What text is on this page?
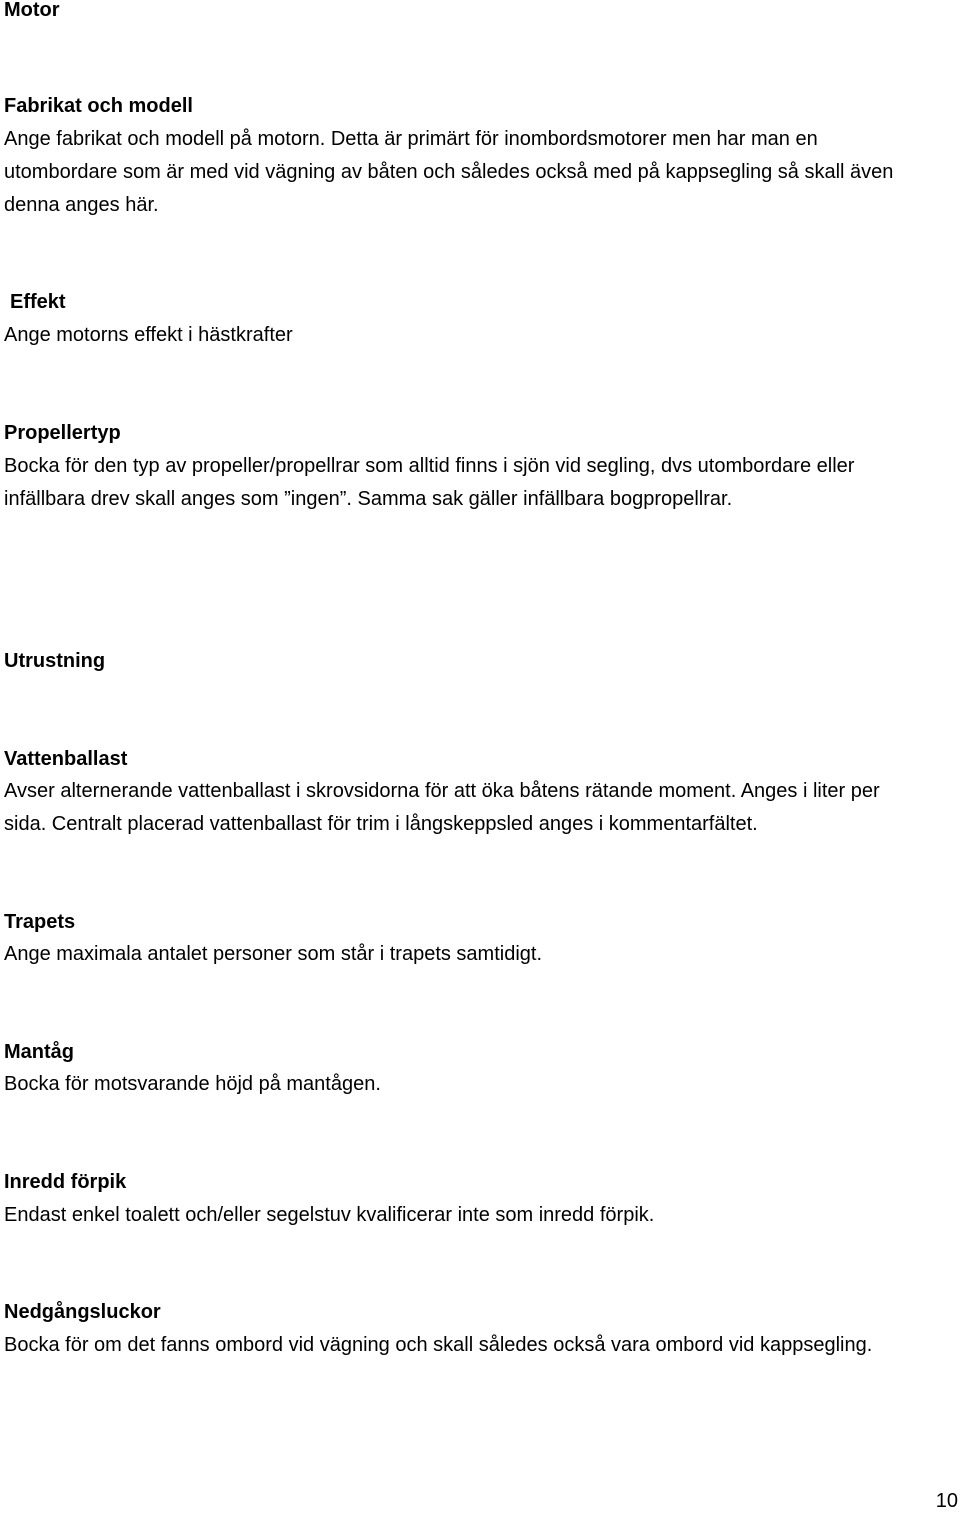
Motor
Fabrikat och modell
Ange fabrikat och modell på motorn. Detta är primärt för inombordsmotorer men har man en
utombordare som är med vid vägning av båten och således också med på kappsegling så skall även
denna anges här.
Effekt
Ange motorns effekt i hästkrafter
Propellertyp
Bocka för den typ av propeller/propellrar som alltid finns i sjön vid segling, dvs utombordare eller
infällbara drev skall anges som ”ingen”. Samma sak gäller infällbara bogpropellrar.
Utrustning
Vattenballast
Avser alternerande vattenballast i skrovsidorna för att öka båtens rätande moment. Anges i liter per
sida. Centralt placerad vattenballast för trim i långskeppsled anges i kommentarfältet.
Trapets
Ange maximala antalet personer som står i trapets samtidigt.
Mantåg
Bocka för motsvarande höjd på mantågen.
Inredd förpik
Endast enkel toalett och/eller segelstuv kvalificerar inte som inredd förpik.
Nedgångsluckor
Bocka för om det fanns ombord vid vägning och skall således också vara ombord vid kappsegling.
10
